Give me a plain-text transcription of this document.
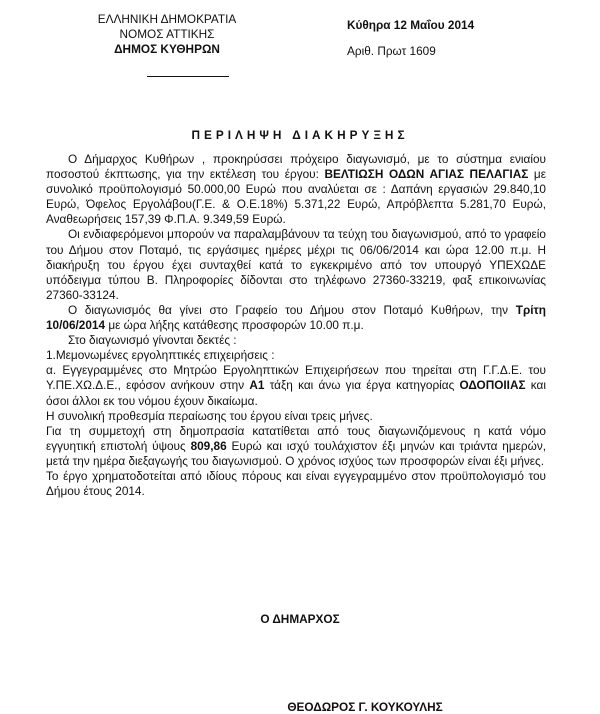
ΕΛΛΗΝΙΚΗ ΔΗΜΟΚΡΑΤΙΑ
ΝΟΜΟΣ ΑΤΤΙΚΗΣ
ΔΗΜΟΣ ΚΥΘΗΡΩΝ
Κύθηρα 12 Μαΐου 2014
Αριθ. Πρωτ 1609
ΠΕΡΙΛΗΨΗ ΔΙΑΚΗΡΥΞΗΣ

Ο Δήμαρχος Κυθήρων , προκηρύσσει πρόχειρο διαγωνισμό, με το σύστημα ενιαίου ποσοστού έκπτωσης, για την εκτέλεση του έργου: ΒΕΛΤΙΩΣΗ ΟΔΩΝ ΑΓΙΑΣ ΠΕΛΑΓΙΑΣ με συνολικό προϋπολογισμό 50.000,00 Ευρώ που αναλύεται σε : Δαπάνη εργασιών 29.840,10 Ευρώ, Όφελος Εργολάβου(Γ.Ε. & Ο.Ε.18%) 5.371,22 Ευρώ, Απρόβλεπτα 5.281,70 Ευρώ, Αναθεωρήσεις 157,39 Φ.Π.Α. 9.349,59 Ευρώ.

Οι ενδιαφερόμενοι μπορούν να παραλαμβάνουν τα τεύχη του διαγωνισμού, από το γραφείο του Δήμου στον Ποταμό, τις εργάσιμες ημέρες μέχρι τις 06/06/2014 και ώρα 12.00 π.μ. Η διακήρυξη του έργου έχει συνταχθεί κατά το εγκεκριμένο από τον υπουργό ΥΠΕΧΩΔΕ υπόδειγμα τύπου Β. Πληροφορίες δίδονται στο τηλέφωνο 27360-33219, φαξ επικοινωνίας 27360-33124.

Ο διαγωνισμός θα γίνει στο Γραφείο του Δήμου στον Ποταμό Κυθήρων, την Τρίτη 10/06/2014 με ώρα λήξης κατάθεσης προσφορών 10.00 π.μ.

Στο διαγωνισμό γίνονται δεκτές :

1.Μεμονωμένες εργοληπτικές επιχειρήσεις :

α. Εγγεγραμμένες στο Μητρώο Εργοληπτικών Επιχειρήσεων που τηρείται στη Γ.Γ.Δ.Ε. του Υ.ΠΕ.ΧΩ.Δ.Ε., εφόσον ανήκουν στην Α1 τάξη και άνω για έργα κατηγορίας ΟΔΟΠΟΙΙΑΣ και όσοι άλλοι εκ του νόμου έχουν δικαίωμα.

Η συνολική προθεσμία περαίωσης του έργου είναι τρεις μήνες.

Για τη συμμετοχή στη δημοπρασία κατατίθεται από τους διαγωνιζόμενους η κατά νόμο εγγυητική επιστολή ύψους 809,86 Ευρώ και ισχύ τουλάχιστον έξι μηνών και τριάντα ημερών, μετά την ημέρα διεξαγωγής του διαγωνισμού. Ο χρόνος ισχύος των προσφορών είναι έξι μήνες.

Το έργο χρηματοδοτείται από ιδίους πόρους και είναι εγγεγραμμένο στον προϋπολογισμό του Δήμου έτους 2014.

Ο ΔΗΜΑΡΧΟΣ
ΘΕΟΔΩΡΟΣ Γ. ΚΟΥΚΟΥΛΗΣ
